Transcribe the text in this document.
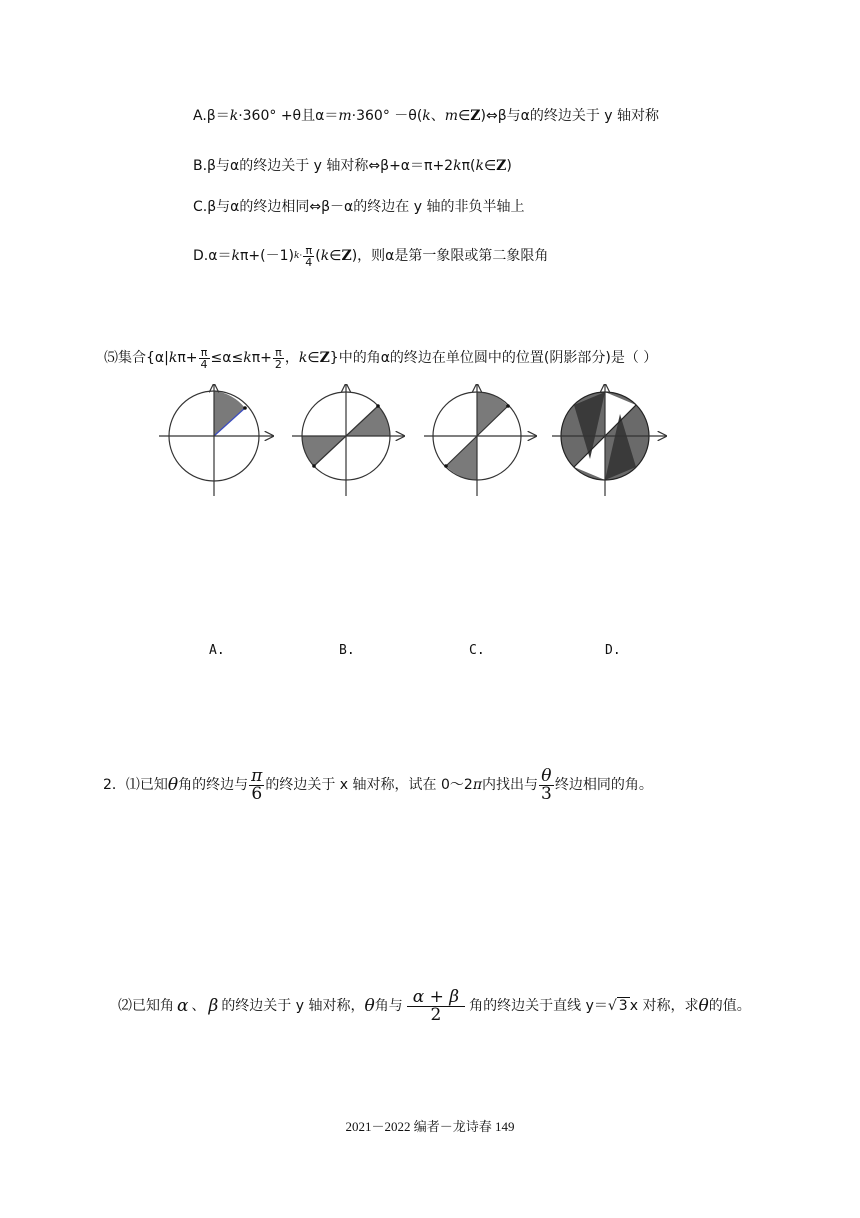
A.β＝k·360° +θ且α＝m·360° －θ(k、m∈Z)⇔β与α的终边关于 y 轴对称
B.β与α的终边关于 y 轴对称⇔β+α＝π+2kπ(k∈Z)
C.β与α的终边相同⇔β－α的终边在 y 轴的非负半轴上
D.α＝ k π+(－1) $k \cdot \frac{\pi}{4}$ ( k ∈ Z )，则α是第一象限或第二象限角
⑸集合{α| k $\pi+ \frac{\pi}{4} \le\alpha\le k$ $\pi+ \frac{\pi}{2}$ ， k ∈ Z }中的角α的终边在单位圆中的位置(阴影部分)是（ ）
A.	B.	C.	D.
2．⑴已知 θ 角的终边与 $\frac{\pi}{6}$ 的终边关于 x 轴对称，试在 0～2 π 内找出与 $\frac{\theta}{3}$ 终边相同的角。
⑵已知角 α 、 β 的终边关于 y 轴对称， θ 角与 $\frac{\alpha + \beta}{2}$ 角的终边关于直线 y＝ √ 3 x 对称，求 θ 的值。
2021－2022 编者－龙诗春 149
